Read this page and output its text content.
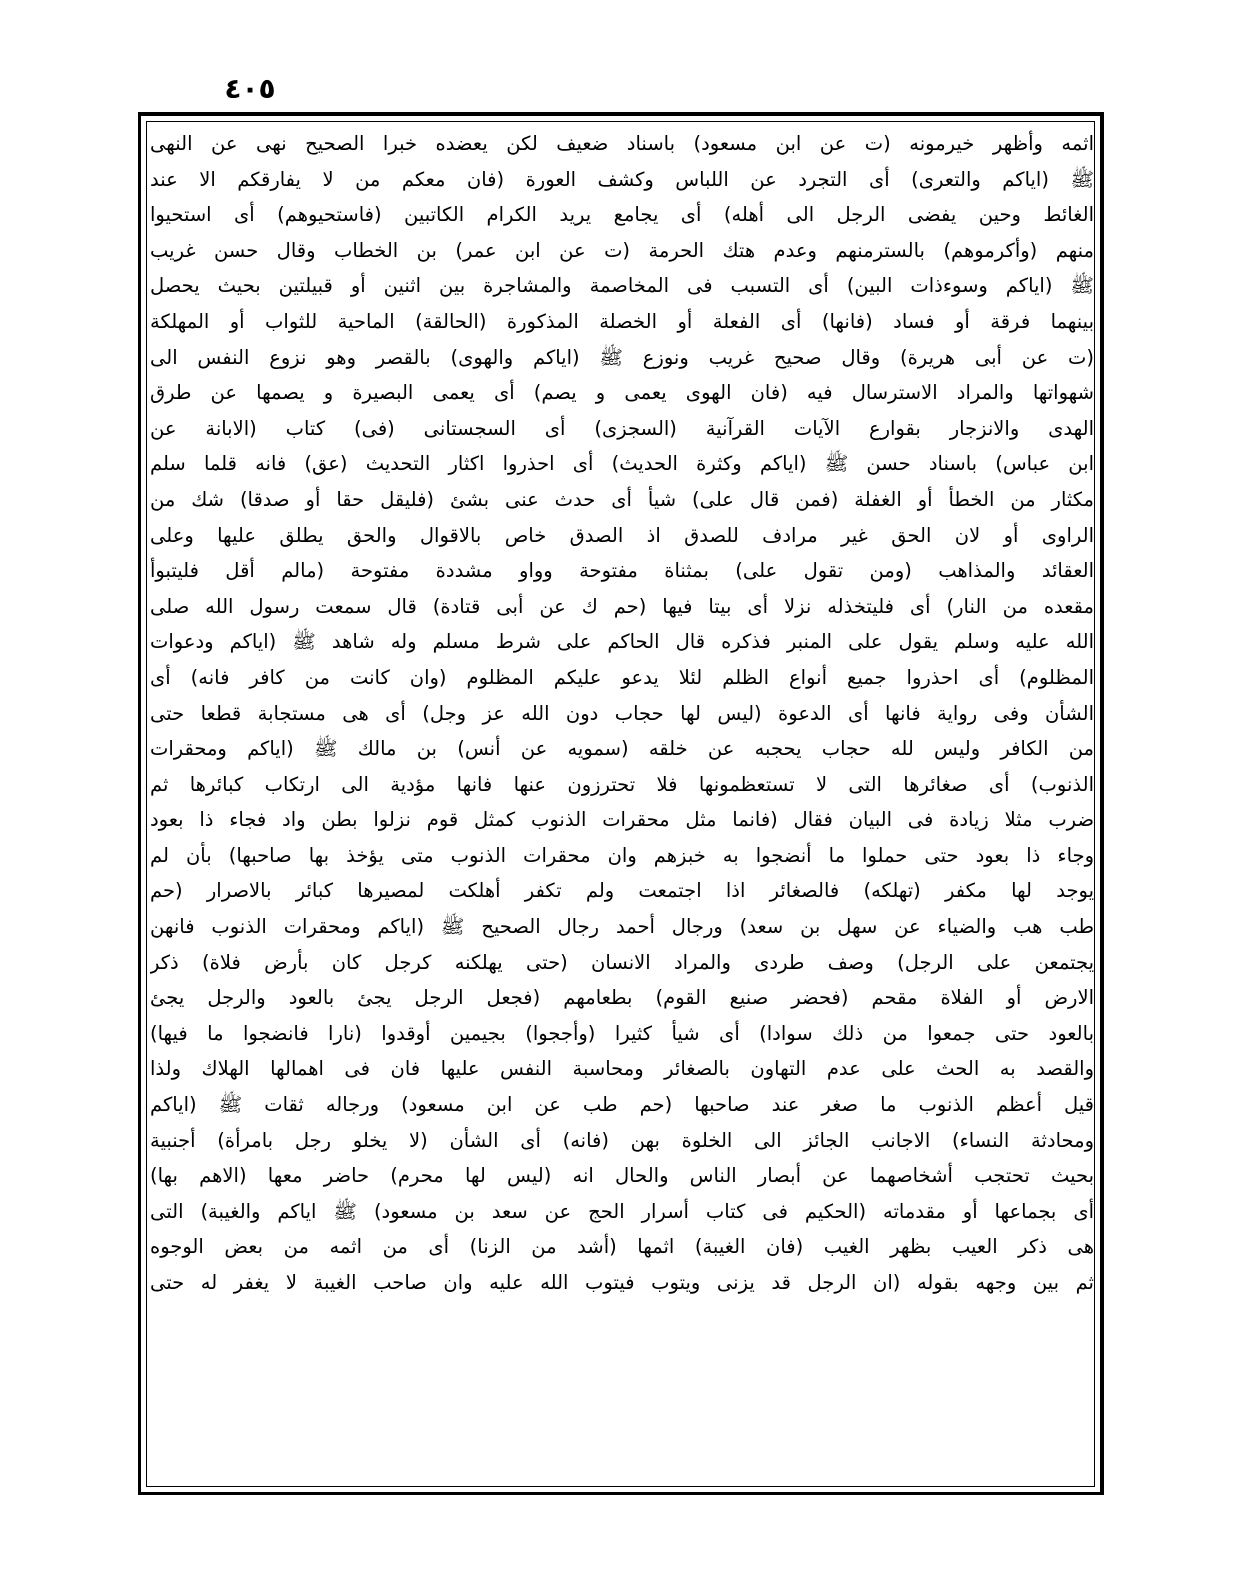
٤٠٥
اثمه وأظهر خيرمونه (ت عن ابن مسعود) باسناد ضعيف لكن يعضده خبرا الصحيح نهى عن النهى
ﷺ (اياكم والتعرى) أى التجرد عن اللباس وكشف العورة (فان معكم من لا يفارقكم الا عند
الغائط وحين يفضى الرجل الى أهله) أى يجامع يريد الكرام الكاتبين (فاستحيوهم) أى استحيوا
منهم (وأكرموهم) بالسترمنهم وعدم هتك الحرمة (ت عن ابن عمر) بن الخطاب وقال حسن غريب
ﷺ (اياكم وسوءذات البين) أى التسبب فى المخاصمة والمشاجرة بين اثنين أو قبيلتين بحيث يحصل
بينهما فرقة أو فساد (فانها) أى الفعلة أو الخصلة المذكورة (الحالقة) الماحية للثواب أو المهلكة
(ت عن أبى هريرة) وقال صحيح غريب ونوزع ﷺ (اياكم والهوى) بالقصر وهو نزوع النفس الى
شهواتها والمراد الاسترسال فيه (فان الهوى يعمى و يصم) أى يعمى البصيرة و يصمها عن طرق
الهدى والانزجار بقوارع الآيات القرآنية (السجزى) أى السجستانى (فى) كتاب (الابانة عن
ابن عباس) باسناد حسن ﷺ (اياكم وكثرة الحديث) أى احذروا اكثار التحديث (عق) فانه قلما سلم
مكثار من الخطأ أو الغفلة (فمن قال على) شيأ أى حدث عنى بشئ (فليقل حقا أو صدقا) شك من
الراوى أو لان الحق غير مرادف للصدق اذ الصدق خاص بالاقوال والحق يطلق عليها وعلى
العقائد والمذاهب (ومن تقول على) بمثناة مفتوحة وواو مشددة مفتوحة (مالم أقل فليتبوأ
مقعده من النار) أى فليتخذله نزلا أى بيتا فيها (حم ك عن أبى قتادة) قال سمعت رسول الله صلى
الله عليه وسلم يقول على المنبر فذكره قال الحاكم على شرط مسلم وله شاهد ﷺ (اياكم ودعوات
المظلوم) أى احذروا جميع أنواع الظلم لئلا يدعو عليكم المظلوم (وان كانت من كافر فانه) أى
الشأن وفى رواية فانها أى الدعوة (ليس لها حجاب دون الله عز وجل) أى هى مستجابة قطعا حتى
من الكافر وليس لله حجاب يحجبه عن خلقه (سمويه عن أنس) بن مالك ﷺ (اياكم ومحقرات
الذنوب) أى صغائرها التى لا تستعظمونها فلا تحترزون عنها فانها مؤدية الى ارتكاب كبائرها ثم
ضرب مثلا زيادة فى البيان فقال (فانما مثل محقرات الذنوب كمثل قوم نزلوا بطن واد فجاء ذا بعود
وجاء ذا بعود حتى حملوا ما أنضجوا به خبزهم وان محقرات الذنوب متى يؤخذ بها صاحبها) بأن لم
يوجد لها مكفر (تهلكه) فالصغائر اذا اجتمعت ولم تكفر أهلكت لمصيرها كبائر بالاصرار (حم
طب هب والضياء عن سهل بن سعد) ورجال أحمد رجال الصحيح ﷺ (اياكم ومحقرات الذنوب فانهن
يجتمعن على الرجل) وصف طردى والمراد الانسان (حتى يهلكنه كرجل كان بأرض فلاة) ذكر
الارض أو الفلاة مقحم (فحضر صنيع القوم) بطعامهم (فجعل الرجل يجئ بالعود والرجل يجئ
بالعود حتى جمعوا من ذلك سوادا) أى شيأ كثيرا (وأججوا) بجيمين أوقدوا (نارا فانضجوا ما فيها)
والقصد به الحث على عدم التهاون بالصغائر ومحاسبة النفس عليها فان فى اهمالها الهلاك ولذا
قيل أعظم الذنوب ما صغر عند صاحبها (حم طب عن ابن مسعود) ورجاله ثقات ﷺ (اياكم
ومحادثة النساء) الاجانب الجائز الى الخلوة بهن (فانه) أى الشأن (لا يخلو رجل بامرأة) أجنبية
بحيث تحتجب أشخاصهما عن أبصار الناس والحال انه (ليس لها محرم) حاضر معها (الاهم بها)
أى بجماعها أو مقدماته (الحكيم فى كتاب أسرار الحج عن سعد بن مسعود) ﷺ اياكم والغيبة) التى
هى ذكر العيب بظهر الغيب (فان الغيبة) اثمها (أشد من الزنا) أى من اثمه من بعض الوجوه
ثم بين وجهه بقوله (ان الرجل قد يزنى ويتوب فيتوب الله عليه وان صاحب الغيبة لا يغفر له حتى
